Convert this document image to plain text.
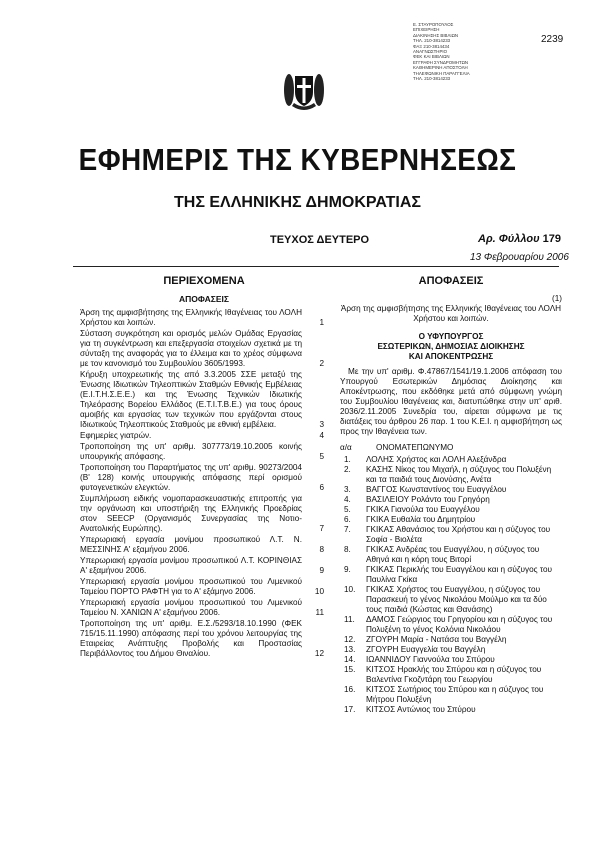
Ε. ΣΤΑΥΡΟΠΟΥΛΟΣ
ΕΠΙΧΕΙΡΗΣΗ
ΔΙΑΚΙΝΗΣΗΣ ΒΙΒΛΙΩΝ
ΤΗΛ. 210-3814233
ΦΑΞ 210-3814434
ΑΝΑΓΝΩΣΤΗΡΙΟ
ΦΕΚ ΚΑΙ ΒΙΒΛΙΩΝ
ΕΓΓΡΑΦΗ ΣΥΝΔΡΟΜΗΤΩΝ
ΚΑΘΗΜΕΡΙΝΗ ΑΠΟΣΤΟΛΗ
ΤΗΛΕΦΩΝΙΚΗ ΠΑΡΑΓΓΕΛΙΑ
ΤΗΛ. 210-3814233
2239
ΕΦΗΜΕΡΙΣ ΤΗΣ ΚΥΒΕΡΝΗΣΕΩΣ
ΤΗΣ ΕΛΛΗΝΙΚΗΣ ΔΗΜΟΚΡΑΤΙΑΣ
ΤΕΥΧΟΣ ΔΕΥΤΕΡΟ	Αρ. Φύλλου 179
13 Φεβρουαρίου 2006
ΠΕΡΙΕΧΟΜΕΝΑ
ΑΠΟΦΑΣΕΙΣ
Άρση της αμφισβήτησης της Ελληνικής Ιθαγένειας του ΛΟΛΗ Χρήστου και λοιπών.	1
Σύσταση συγκρότηση και ορισμός μελών Ομάδας Εργασίας για τη συγκέντρωση και επεξεργασία στοιχείων σχετικά με τη σύνταξη της αναφοράς για το έλλειμα και το χρέος σύμφωνα με τον κανονισμό του Συμβουλίου 3605/1993.	2
Κήρυξη υποχρεωτικής της από 3.3.2005 ΣΣΕ μεταξύ της Ένωσης Ιδιωτικών Τηλεοπτικών Σταθμών Εθνικής Εμβέλειας (Ε.Ι.Τ.Η.Σ.Ε.Ε.) και της Ένωσης Τεχνικών Ιδιωτικής Τηλεόρασης Βορείου Ελλάδος (Ε.Τ.Ι.Τ.Β.Ε.) για τους όρους αμοιβής και εργασίας των τεχνικών που εργάζονται στους Ιδιωτικούς Τηλεοπτικούς Σταθμούς με εθνική εμβέλεια.	3
Εφημερίες γιατρών.	4
Τροποποίηση της υπ' αριθμ. 307773/19.10.2005 κοινής υπουργικής απόφασης.	5
Τροποποίηση του Παραρτήματος της υπ' αριθμ. 90273/2004 (Β' 128) κοινής υπουργικής απόφασης περί ορισμού φυτογενετικών ελεγκτών.	6
Συμπλήρωση ειδικής νομοπαρασκευαστικής επιτροπής για την οργάνωση και υποστήριξη της Ελληνικής Προεδρίας στον SEECP (Οργανισμός Συνεργασίας της Νοτιο-Ανατολικής Ευρώπης).	7
Υπερωριακή εργασία μονίμου προσωπικού Λ.Τ. Ν. ΜΕΣΣΙΝΗΣ Α' εξαμήνου 2006.	8
Υπερωριακή εργασία μονίμου προσωπικού Λ.Τ. ΚΟΡΙΝΘΙΑΣ Α' εξαμήνου 2006.	9
Υπερωριακή εργασία μονίμου προσωπικού του Λιμενικού Ταμείου ΠΟΡΤΟ ΡΑΦΤΗ για το Α' εξάμηνο 2006.	10
Υπερωριακή εργασία μονίμου προσωπικού του Λιμενικού Ταμείου Ν. ΧΑΝΙΩΝ Α' εξαμήνου 2006.	11
Τροποποίηση της υπ' αριθμ. Ε.Σ./5293/18.10.1990 (ΦΕΚ 715/15.11.1990) απόφασης περί του χρόνου λειτουργίας της Εταιρείας Ανάπτυξης Προβολής και Προστασίας Περιβάλλοντος του Δήμου Θιναλίου.	12
ΑΠΟΦΑΣΕΙΣ
(1)
Άρση της αμφισβήτησης της Ελληνικής Ιθαγένειας του ΛΟΛΗ Χρήστου και λοιπών.
Ο ΥΦΥΠΟΥΡΓΟΣ
ΕΣΩΤΕΡΙΚΩΝ, ΔΗΜΟΣΙΑΣ ΔΙΟΙΚΗΣΗΣ
ΚΑΙ ΑΠΟΚΕΝΤΡΩΣΗΣ
Με την υπ' αριθμ. Φ.47867/1541/19.1.2006 απόφαση του Υπουργού Εσωτερικών Δημόσιας Διοίκησης και Αποκέντρωσης, που εκδόθηκε μετά από σύμφωνη γνώμη του Συμβουλίου Ιθαγένειας και, διατυπώθηκε στην υπ' αριθ. 2036/2.11.2005 Συνεδρία του, αίρεται σύμφωνα με τις διατάξεις του άρθρου 26 παρ. 1 του Κ.Ε.Ι. η αμφισβήτηση ως προς την Ιθαγένεια των.
α/α	ΟΝΟΜΑΤΕΠΩΝΥΜΟ
1.	ΛΟΛΗΣ Χρήστος και ΛΟΛΗ Αλεξάνδρα
2.	ΚΑΣΗΣ Νίκος του Μιχαήλ, η σύζυγος του Πολυξένη και τα παιδιά τους Διονύσης, Ανέτα
3.	ΒΑΓΓΟΣ Κωνσταντίνος του Ευαγγέλου
4.	ΒΑΣΙΛΕΙΟΥ Ρολάντο του Γρηγόρη
5.	ΓΚΙΚΑ Γιανούλα του Ευαγγέλου
6.	ΓΚΙΚΑ Ευθαλία του Δημητρίου
7.	ΓΚΙΚΑΣ Αθανάσιος του Χρήστου και η σύζυγος του Σοφία - Βιολέτα
8.	ΓΚΙΚΑΣ Ανδρέας του Ευαγγέλου, η σύζυγος του Αθηνά και η κόρη τους Βιτορί
9.	ΓΚΙΚΑΣ Περικλής του Ευαγγέλου και η σύζυγος του Παυλίνα Γκίκα
10.	ΓΚΙΚΑΣ Χρήστος του Ευαγγέλου, η σύζυγος του Παρασκευή το γένος Νικολάου Μούλμο και τα δύο τους παιδιά (Κώστας και Θανάσης)
11.	ΔΑΜΟΣ Γεώργιος του Γρηγορίου και η σύζυγος του Πολυξένη το γένος Κολόνια Νικολάου
12.	ΖΓΟΥΡΗ Μαρία - Νατάσα του Βαγγέλη
13.	ΖΓΟΥΡΗ Ευαγγελία του Βαγγέλη
14.	ΙΩΑΝΝΙΔΟΥ Γιαννούλα του Σπύρου
15.	ΚΙΤΣΟΣ Ηρακλής του Σπύρου και η σύζυγος του Βαλεντίνα Γκοζντάρη του Γεωργίου
16.	ΚΙΤΣΟΣ Σωτήριος του Σπύρου και η σύζυγος του Μήτρου Πολυξένη
17.	ΚΙΤΣΟΣ Αντώνιος του Σπύρου
